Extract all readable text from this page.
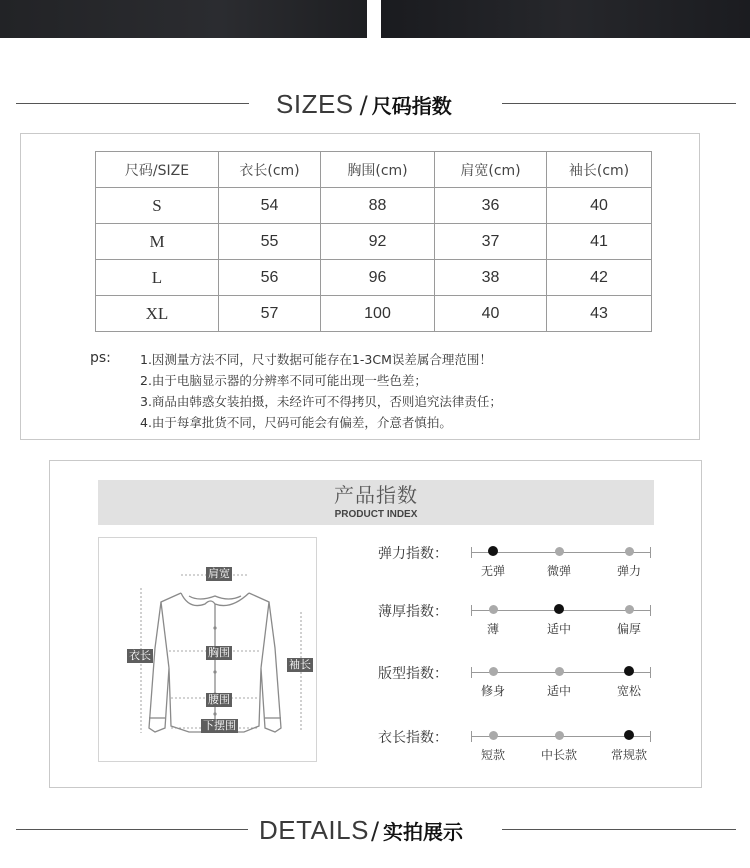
SIZES / 尺码指数
尺码/SIZE	衣长(cm)	胸围(cm)	肩宽(cm)	袖长(cm)
S	54	88	36	40
M	55	92	37	41
L	56	96	38	42
XL	57	100	40	43
ps: 1.因测量方法不同，尺寸数据可能存在1-3CM误差属合理范围！
2.由于电脑显示器的分辨率不同可能出现一些色差；
3.商品由韩惑女装拍摄，未经许可不得拷贝，否则追究法律责任；
4.由于每拿批货不同，尺码可能会有偏差，介意者慎拍。
产品指数
PRODUCT INDEX
肩宽
衣长	胸围
袖长
腰围
下摆围
弹力指数：
无弹	微弹	弹力
薄厚指数：
薄	适中	偏厚
版型指数：
修身	适中	宽松
衣长指数：
短款	中长款	常规款
DETAILS/ 实拍展示
